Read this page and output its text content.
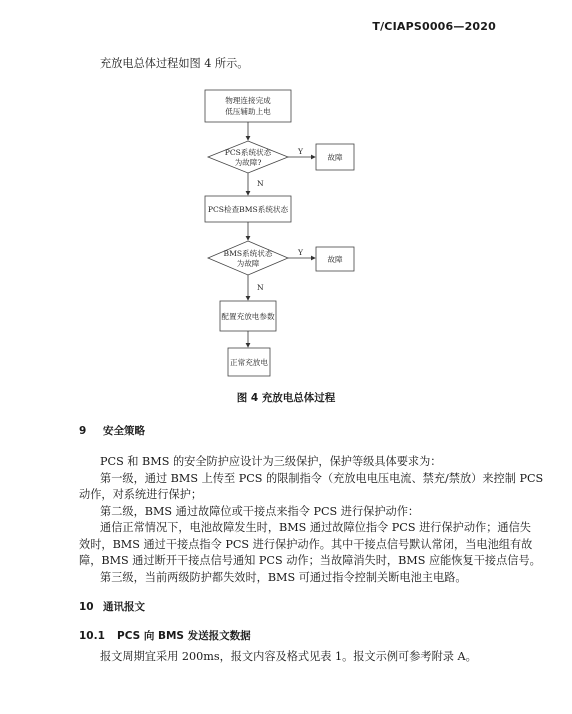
T/CIAPS0006—2020
充放电总体过程如图 4 所示。
物理连接完成
低压辅助上电
PCS系统状态
为故障?
故障
PCS检查BMS系统状态
BMS系统状态
为故障	故障
配置充放电参数
正常充放电
Y
N
Y
N
图 4 充放电总体过程
9 安全策略
PCS 和 BMS 的安全防护应设计为三级保护，保护等级具体要求为：
第一级，通过 BMS 上传至 PCS 的限制指令（充放电电压电流、禁充/禁放）来控制 PCS
动作，对系统进行保护；
第二级，BMS 通过故障位或干接点来指令 PCS 进行保护动作：
通信正常情况下，电池故障发生时，BMS 通过故障位指令 PCS 进行保护动作；通信失
效时，BMS 通过干接点指令 PCS 进行保护动作。其中干接点信号默认常闭，当电池组有故
障，BMS 通过断开干接点信号通知 PCS 动作；当故障消失时，BMS 应能恢复干接点信号。
第三级，当前两级防护都失效时，BMS 可通过指令控制关断电池主电路。
10 通讯报文
10.1 PCS 向 BMS 发送报文数据
报文周期宜采用 200ms，报文内容及格式见表 1。报文示例可参考附录 A。
